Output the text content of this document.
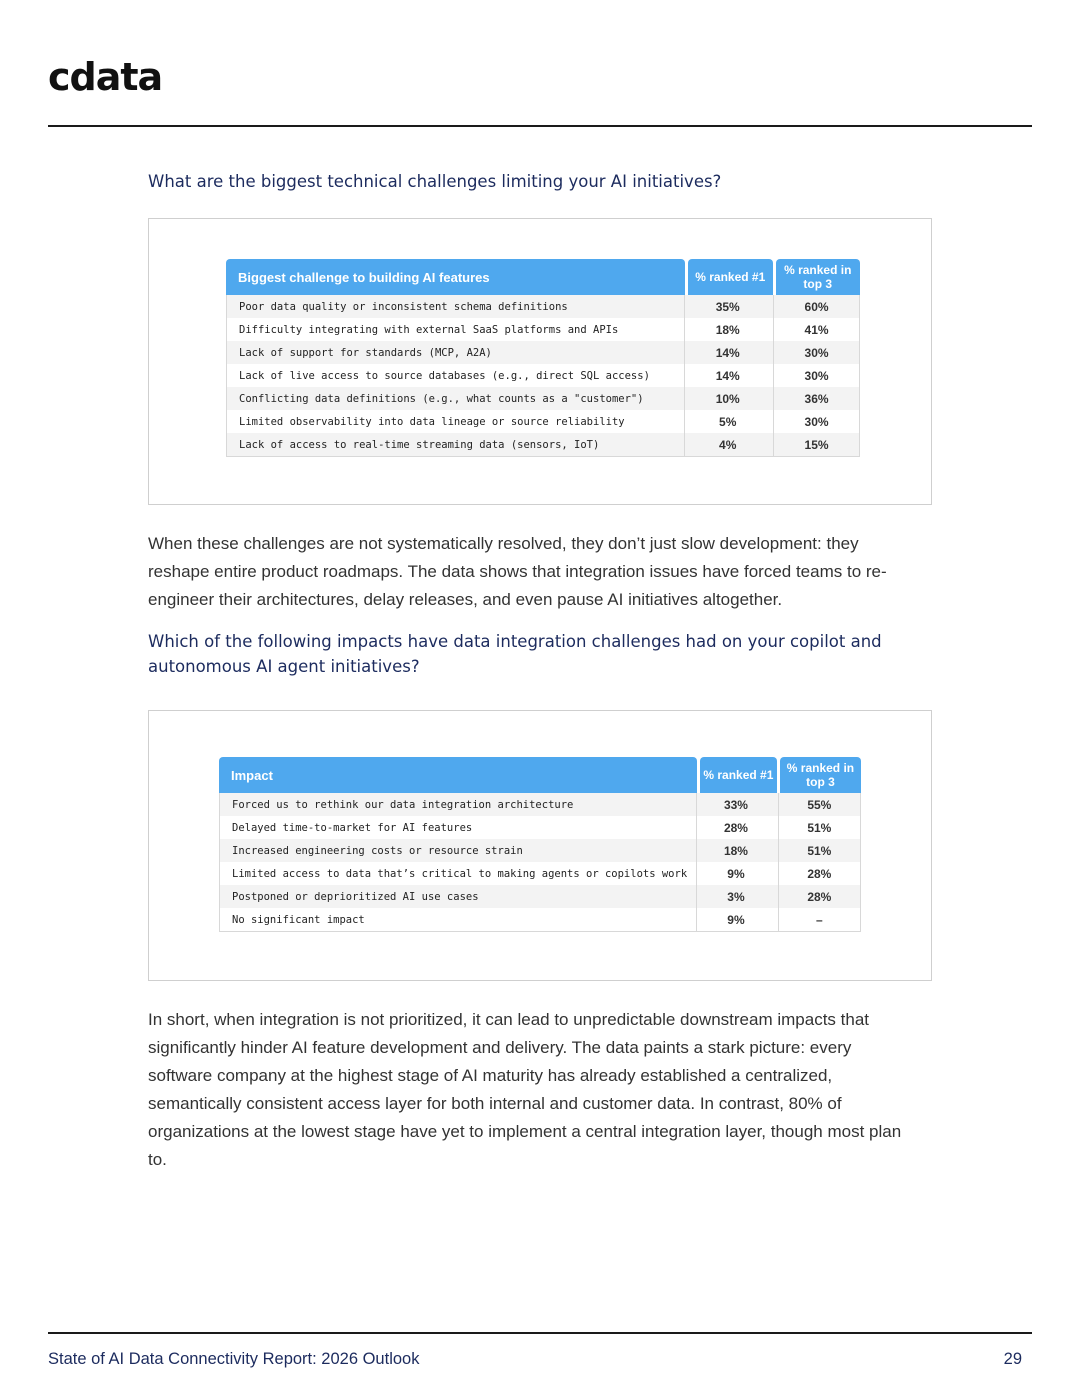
cdata
What are the biggest technical challenges limiting your AI initiatives?
Biggest challenge to building AI features	% ranked #1	% ranked in top 3
Poor data quality or inconsistent schema definitions	35%	60%
Difficulty integrating with external SaaS platforms and APIs	18%	41%
Lack of support for standards (MCP, A2A)	14%	30%
Lack of live access to source databases (e.g., direct SQL access)	14%	30%
Conflicting data definitions (e.g., what counts as a "customer")	10%	36%
Limited observability into data lineage or source reliability	5%	30%
Lack of access to real-time streaming data (sensors, IoT)	4%	15%

When these challenges are not systematically resolved, they don’t just slow development: they reshape entire product roadmaps. The data shows that integration issues have forced teams to re-engineer their architectures, delay releases, and even pause AI initiatives altogether.

Which of the following impacts have data integration challenges had on your copilot and autonomous AI agent initiatives?
Impact	% ranked #1	% ranked in top 3
Forced us to rethink our data integration architecture	33%	55%
Delayed time-to-market for AI features	28%	51%
Increased engineering costs or resource strain	18%	51%
Limited access to data that’s critical to making agents or copilots work	9%	28%
Postponed or deprioritized AI use cases	3%	28%
No significant impact	9%	–

In short, when integration is not prioritized, it can lead to unpredictable downstream impacts that significantly hinder AI feature development and delivery. The data paints a stark picture: every software company at the highest stage of AI maturity has already established a centralized, semantically consistent access layer for both internal and customer data. In contrast, 80% of organizations at the lowest stage have yet to implement a central integration layer, though most plan to.

State of AI Data Connectivity Report: 2026 Outlook	29
